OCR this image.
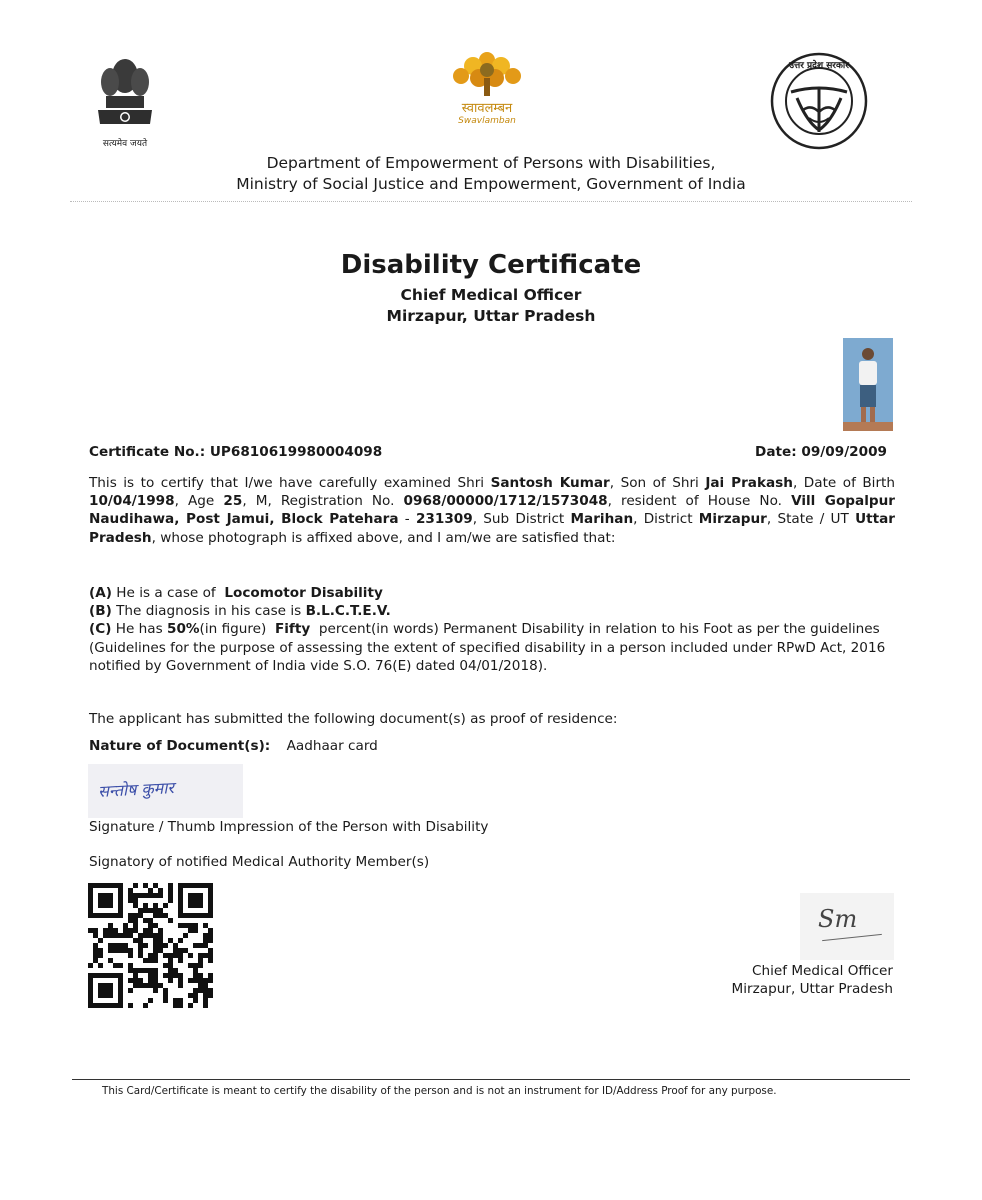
सत्यमेव जयते
स्वावलम्बन
Swavlamban
उत्तर प्रदेश सरकार
Department of Empowerment of Persons with Disabilities,
Ministry of Social Justice and Empowerment, Government of India
Disability Certificate
Chief Medical Officer
Mirzapur, Uttar Pradesh
Certificate No.: UP6810619980004098	Date: 09/09/2009
This is to certify that I/we have carefully examined Shri Santosh Kumar, Son of Shri Jai Prakash, Date of Birth 10/04/1998, Age 25, M, Registration No. 0968/00000/1712/1573048, resident of House No. Vill Gopalpur Naudihawa, Post Jamui, Block Patehara - 231309, Sub District Marihan, District Mirzapur, State / UT Uttar Pradesh, whose photograph is affixed above, and I am/we are satisfied that:
(A) He is a case of Locomotor Disability
(B) The diagnosis in his case is B.L.C.T.E.V.
(C) He has 50%(in figure) Fifty percent(in words) Permanent Disability in relation to his Foot as per the guidelines
(Guidelines for the purpose of assessing the extent of specified disability in a person included under RPwD Act, 2016
notified by Government of India vide S.O. 76(E) dated 04/01/2018).
The applicant has submitted the following document(s) as proof of residence:
Nature of Document(s): Aadhaar card
सन्तोष कुमार
Signature / Thumb Impression of the Person with Disability
Signatory of notified Medical Authority Member(s)
Sm
Chief Medical Officer
Mirzapur, Uttar Pradesh
This Card/Certificate is meant to certify the disability of the person and is not an instrument for ID/Address Proof for any purpose.
